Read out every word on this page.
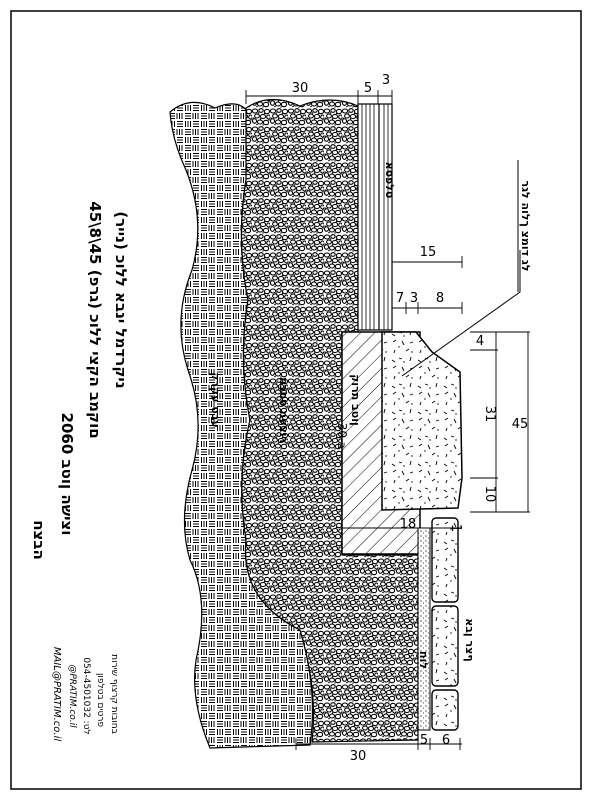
30	5
3
15
7 3 8
4
45
31
10
18 1
30
5 6
טלפסא
עבט עקרק	רוצעמ ססבמ	ןוטב תרוק
ב-30
לג דומצ ךלוה לגר
לוח	ףצר ןבא
(נייר) ניקרדמל ינבא ללוכ
45\8\45 םוקמב הקצי ללוכ (גרפ)
2060 וצישה ןוטב
הבצח
בחובות קרצוף שירות
פרטים בטלפון
054-4501032 :לט
@PRATIM.co.il
MAIL@PRATIM.co.il
